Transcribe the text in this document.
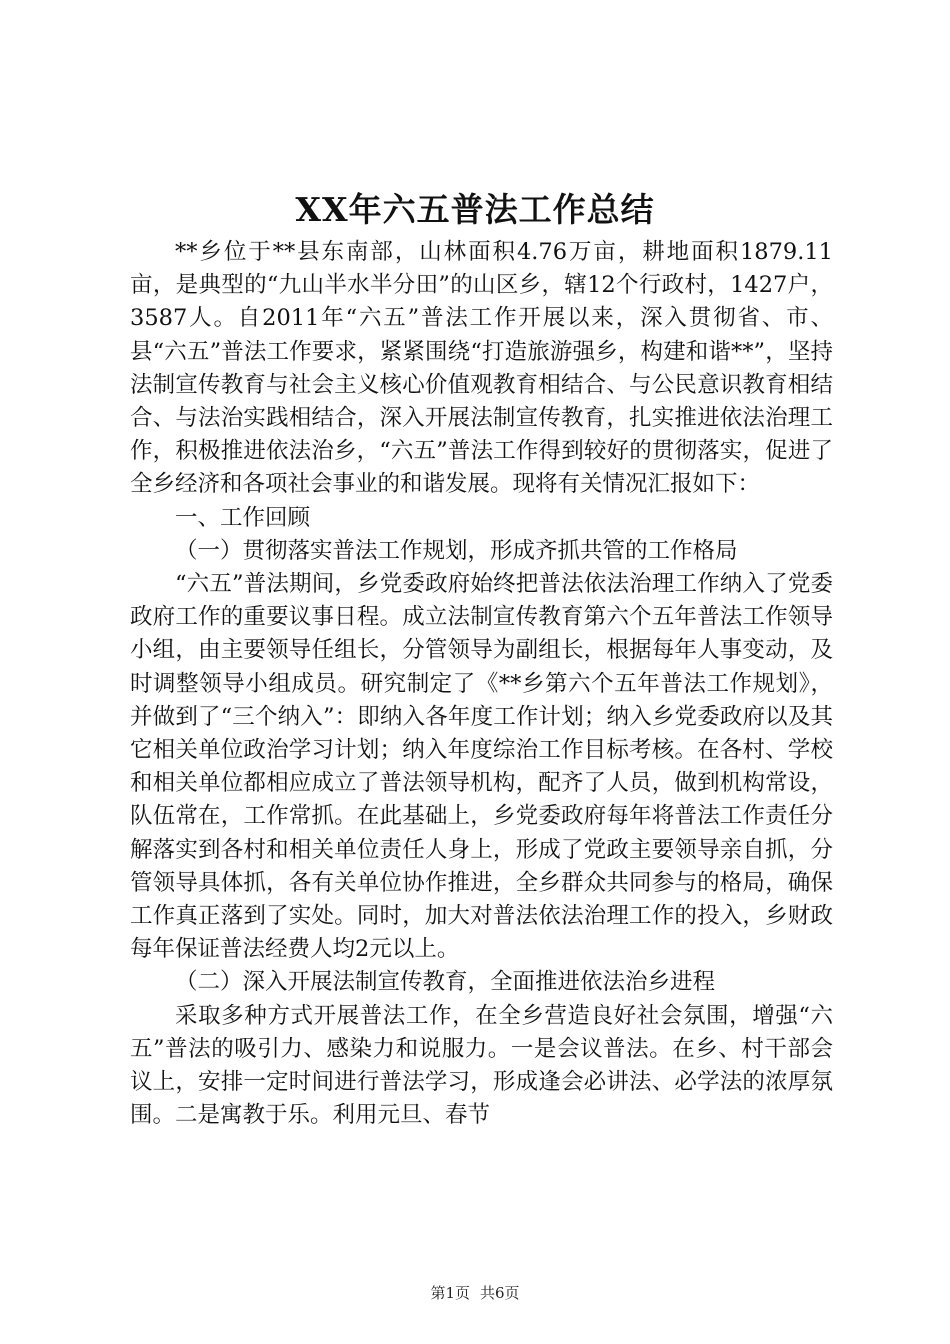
XX年六五普法工作总结

**乡位于**县东南部，山林面积4.76万亩，耕地面积1879.11亩，是典型的“九山半水半分田”的山区乡，辖12个行政村，1427户，3587人。自2011年“六五”普法工作开展以来，深入贯彻省、市、县“六五”普法工作要求，紧紧围绕“打造旅游强乡，构建和谐**”，坚持法制宣传教育与社会主义核心价值观教育相结合、与公民意识教育相结合、与法治实践相结合，深入开展法制宣传教育，扎实推进依法治理工作，积极推进依法治乡，“六五”普法工作得到较好的贯彻落实，促进了全乡经济和各项社会事业的和谐发展。现将有关情况汇报如下：

一、工作回顾

（一）贯彻落实普法工作规划，形成齐抓共管的工作格局

“六五”普法期间，乡党委政府始终把普法依法治理工作纳入了党委政府工作的重要议事日程。成立法制宣传教育第六个五年普法工作领导小组，由主要领导任组长，分管领导为副组长，根据每年人事变动，及时调整领导小组成员。研究制定了《**乡第六个五年普法工作规划》，并做到了“三个纳入”：即纳入各年度工作计划；纳入乡党委政府以及其它相关单位政治学习计划；纳入年度综治工作目标考核。在各村、学校和相关单位都相应成立了普法领导机构，配齐了人员，做到机构常设，队伍常在，工作常抓。在此基础上，乡党委政府每年将普法工作责任分解落实到各村和相关单位责任人身上，形成了党政主要领导亲自抓，分管领导具体抓，各有关单位协作推进，全乡群众共同参与的格局，确保工作真正落到了实处。同时，加大对普法依法治理工作的投入，乡财政每年保证普法经费人均2元以上。

（二）深入开展法制宣传教育，全面推进依法治乡进程

采取多种方式开展普法工作，在全乡营造良好社会氛围，增强“六五”普法的吸引力、感染力和说服力。一是会议普法。在乡、村干部会议上，安排一定时间进行普法学习，形成逢会必讲法、必学法的浓厚氛围。二是寓教于乐。利用元旦、春节

第1页 共6页
